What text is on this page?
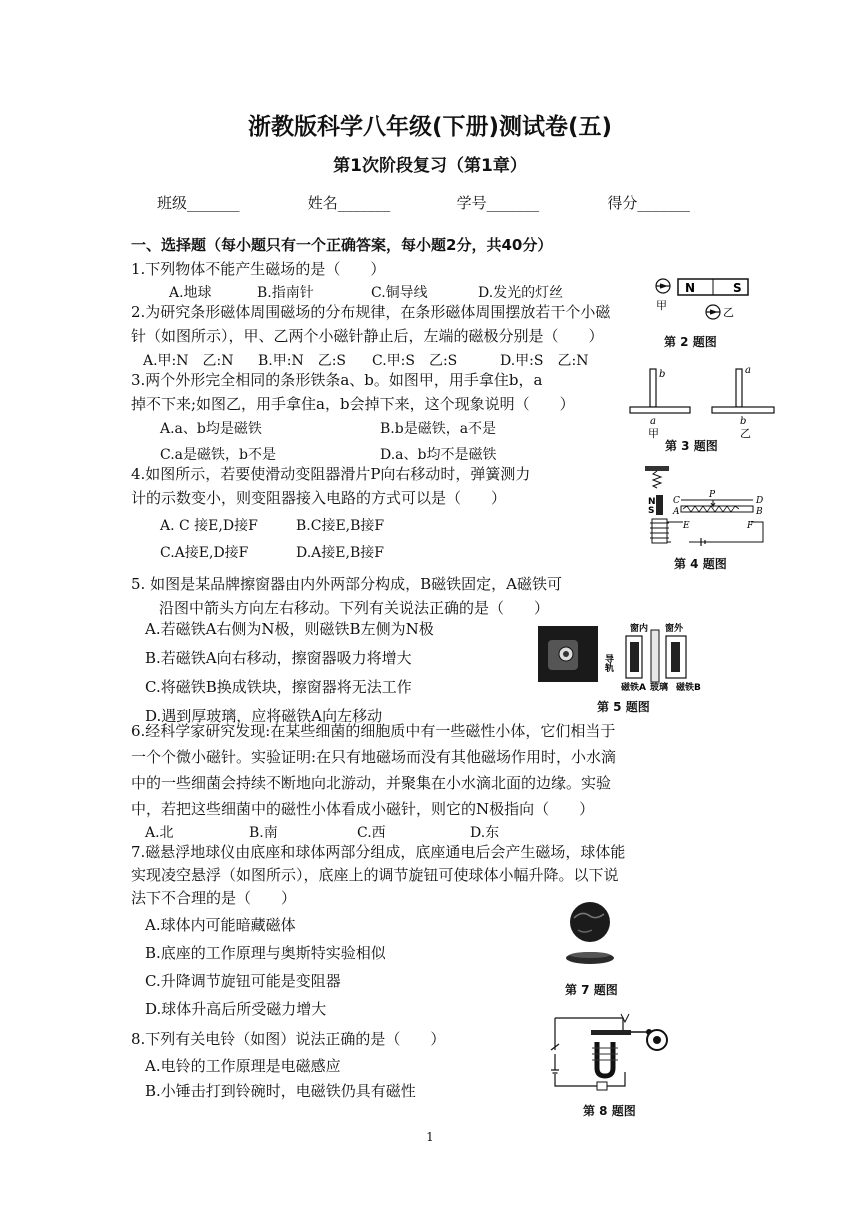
浙教版科学八年级(下册)测试卷(五)
第1次阶段复习（第1章）
班级_______	姓名_______	学号_______	得分_______
一、选择题（每小题只有一个正确答案，每小题2分，共40分）
1.下列物体不能产生磁场的是（　　）
A.地球	B.指南针	C.铜导线	D.发光的灯丝
2.为研究条形磁体周围磁场的分布规律，在条形磁体周围摆放若干个小磁
针（如图所示），甲、乙两个小磁针静止后，左端的磁极分别是（　　）
A.甲:N　乙:N B.甲:N　乙:S C.甲:S　乙:S	D.甲:S　乙:N
N	S
甲
乙
第 2 题图
3.两个外形完全相同的条形铁条a、b。如图甲，用手拿住b，a
掉不下来;如图乙，用手拿住a，b会掉下来，这个现象说明（　　）
A.a、b均是磁铁	B.b是磁铁，a不是
C.a是磁铁，b不是	D.a、b均不是磁铁
b
a
甲
a
b
乙
第 3 题图
4.如图所示，若要使滑动变阻器滑片P向右移动时，弹簧测力
计的示数变小，则变阻器接入电路的方式可以是（　　）
A. C 接E,D接F	B.C接E,B接F
C.A接E,D接F	D.A接E,B接F
N
S
C
P
D
A	B
E	F
第 4 题图
5. 如图是某品牌擦窗器由内外两部分构成，B磁铁固定，A磁铁可
沿图中箭头方向左右移动。下列有关说法正确的是（　　）
A.若磁铁A右侧为N极，则磁铁B左侧为N极
B.若磁铁A向右移动，擦窗器吸力将增大
C.将磁铁B换成铁块，擦窗器将无法工作
D.遇到厚玻璃，应将磁铁A向左移动
窗内 窗外
导轨
磁铁A 玻璃 磁铁B
第 5 题图
6.经科学家研究发现:在某些细菌的细胞质中有一些磁性小体，它们相当于
一个个微小磁针。实验证明:在只有地磁场而没有其他磁场作用时，小水滴
中的一些细菌会持续不断地向北游动，并聚集在小水滴北面的边缘。实验
中，若把这些细菌中的磁性小体看成小磁针，则它的N极指向（　　）
A.北	B.南	C.西	D.东
7.磁悬浮地球仪由底座和球体两部分组成，底座通电后会产生磁场，球体能
实现凌空悬浮（如图所示），底座上的调节旋钮可使球体小幅升降。以下说
法下不合理的是（　　）
A.球体内可能暗藏磁体
B.底座的工作原理与奥斯特实验相似
C.升降调节旋钮可能是变阻器
D.球体升高后所受磁力增大
第 7 题图
8.下列有关电铃（如图）说法正确的是（　　）
A.电铃的工作原理是电磁感应
B.小锤击打到铃碗时，电磁铁仍具有磁性
第 8 题图
1
